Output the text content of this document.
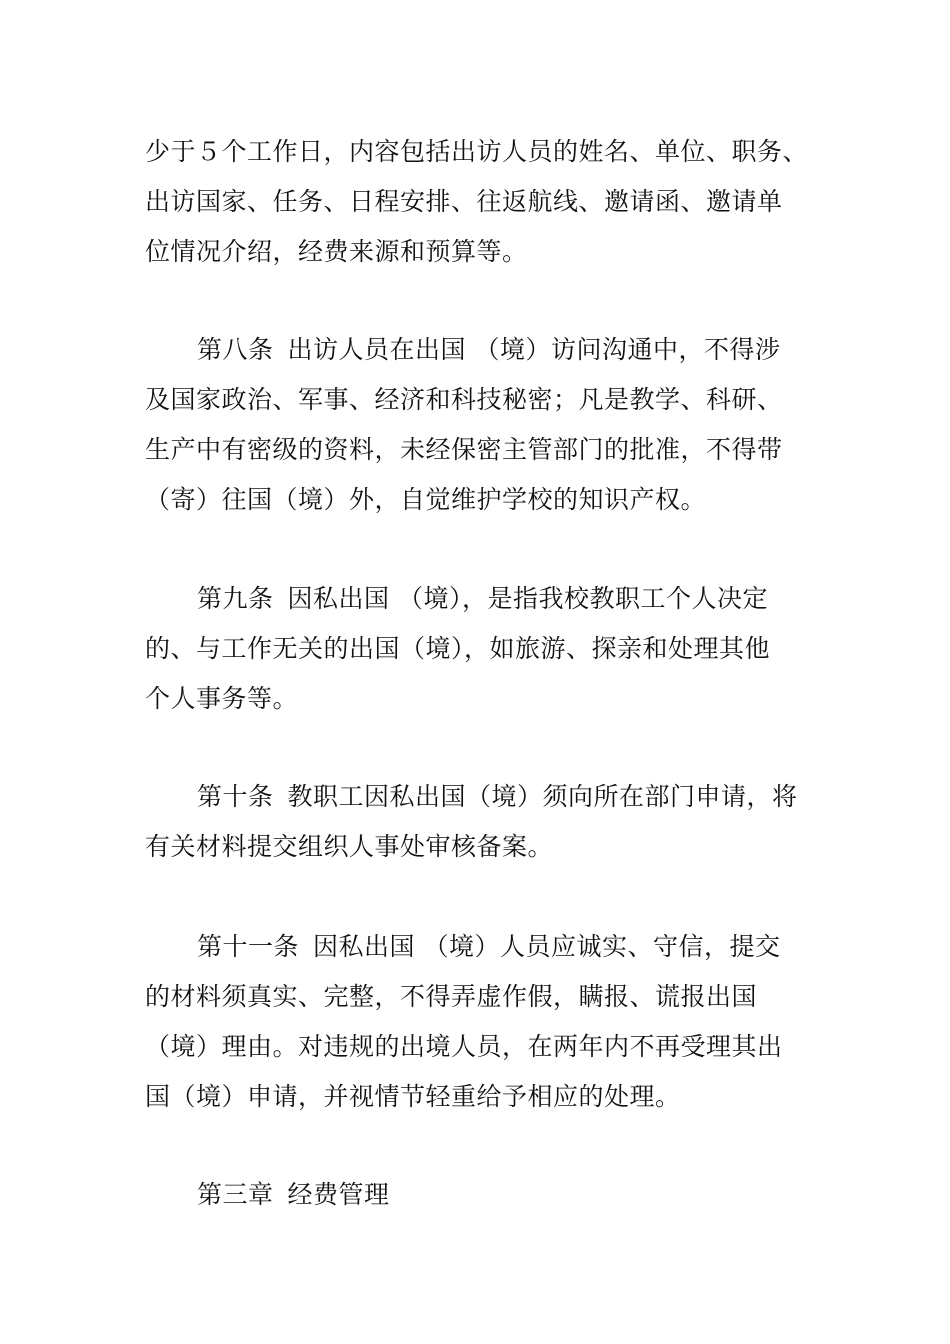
少于５个工作日，内容包括出访人员的姓名、单位、职务、
出访国家、任务、日程安排、往返航线、邀请函、邀请单
位情况介绍，经费来源和预算等。

第八条 出访人员在出国 （境）访问沟通中，不得涉
及国家政治、军事、经济和科技秘密；凡是教学、科研、
生产中有密级的资料，未经保密主管部门的批准，不得带
（寄）往国（境）外，自觉维护学校的知识产权。

第九条 因私出国 （境），是指我校教职工个人决定
的、与工作无关的出国（境），如旅游、探亲和处理其他
个人事务等。

第十条 教职工因私出国（境）须向所在部门申请，将
有关材料提交组织人事处审核备案。

第十一条 因私出国 （境）人员应诚实、守信，提交
的材料须真实、完整，不得弄虚作假，瞒报、谎报出国
（境）理由。对违规的出境人员，在两年内不再受理其出
国（境）申请，并视情节轻重给予相应的处理。

第三章 经费管理
